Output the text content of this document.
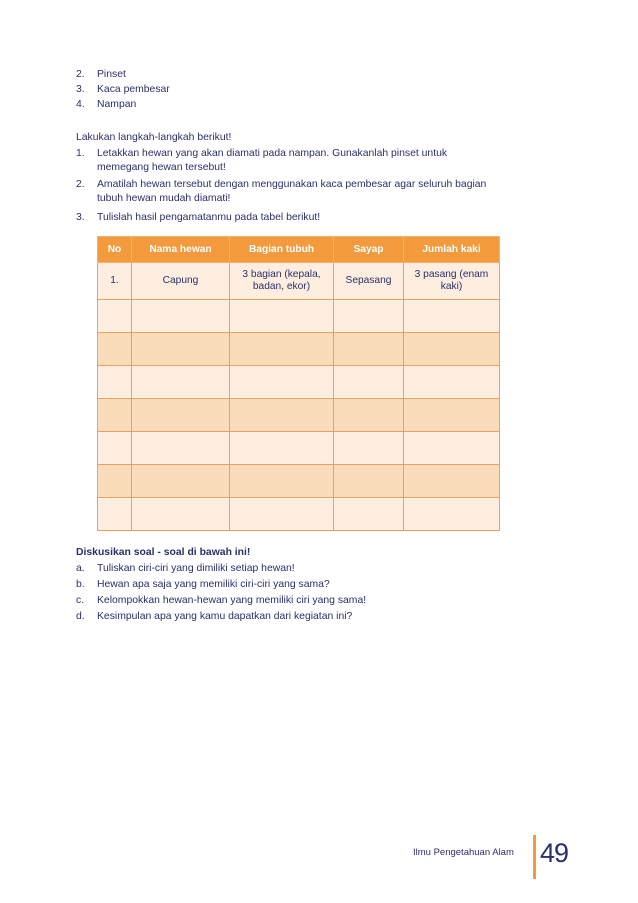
2.	Pinset
3.	Kaca pembesar
4.	Nampan
Lakukan langkah-langkah berikut!
1.	Letakkan hewan yang akan diamati pada nampan. Gunakanlah pinset untuk memegang hewan tersebut!
2.	Amatilah hewan tersebut dengan menggunakan kaca pembesar agar seluruh bagian tubuh hewan mudah diamati!
3.	Tulislah hasil pengamatanmu pada tabel berikut!
No	Nama hewan	Bagian tubuh	Sayap	Jumlah kaki
1.	Capung	3 bagian (kepala, badan, ekor)	Sepasang	3 pasang (enam kaki)

Diskusikan soal - soal di bawah ini!
a.	Tuliskan ciri-ciri yang dimiliki setiap hewan!
b.	Hewan apa saja yang memiliki ciri-ciri yang sama?
c.	Kelompokkan hewan-hewan yang memiliki ciri yang sama!
d.	Kesimpulan apa yang kamu dapatkan dari kegiatan ini?
Ilmu Pengetahuan Alam 49
